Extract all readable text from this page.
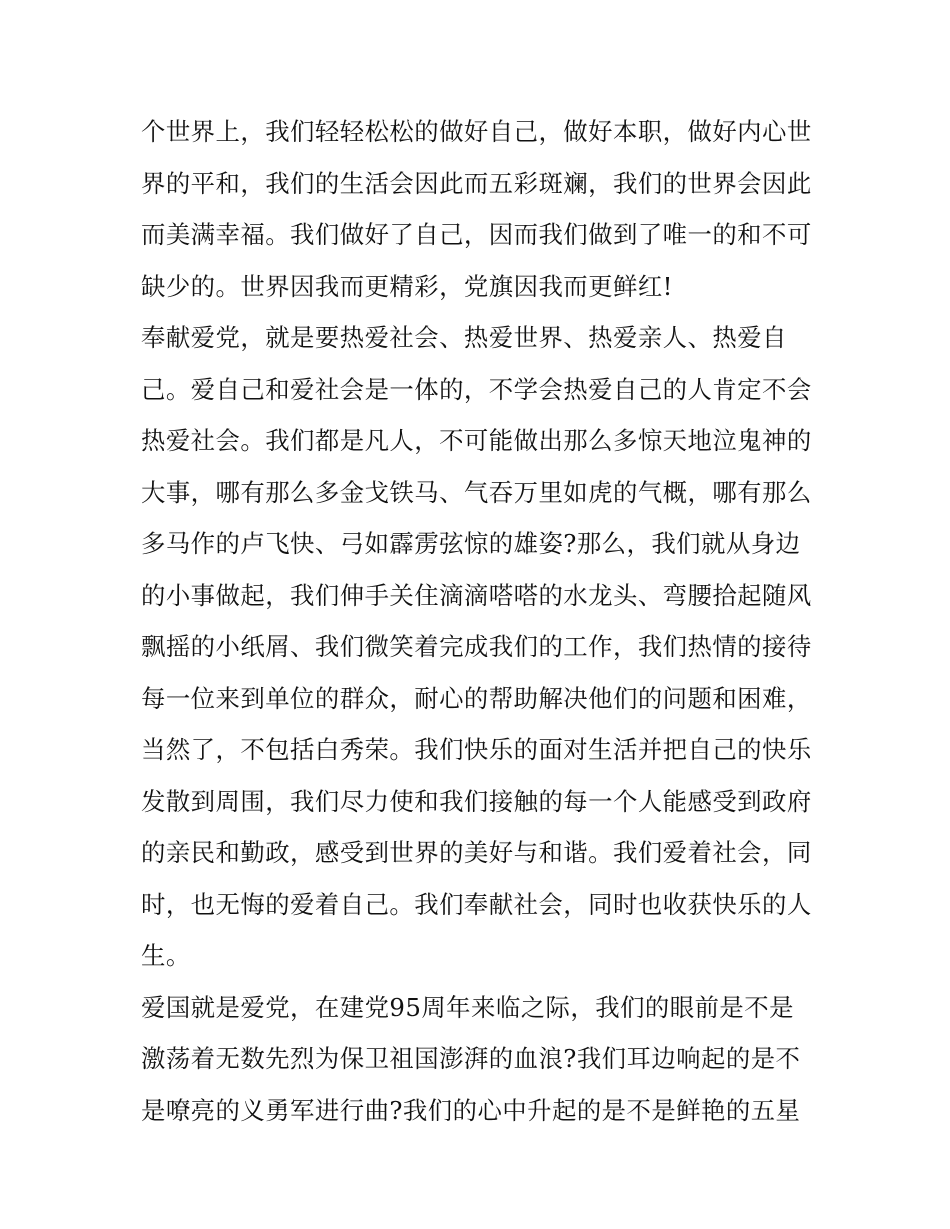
个世界上，我们轻轻松松的做好自己，做好本职，做好内心世
界的平和，我们的生活会因此而五彩斑斓，我们的世界会因此
而美满幸福。我们做好了自己，因而我们做到了唯一的和不可
缺少的。世界因我而更精彩，党旗因我而更鲜红!
奉献爱党，就是要热爱社会、热爱世界、热爱亲人、热爱自
己。爱自己和爱社会是一体的，不学会热爱自己的人肯定不会
热爱社会。我们都是凡人，不可能做出那么多惊天地泣鬼神的
大事，哪有那么多金戈铁马、气吞万里如虎的气概，哪有那么
多马作的卢飞快、弓如霹雳弦惊的雄姿?那么，我们就从身边
的小事做起，我们伸手关住滴滴嗒嗒的水龙头、弯腰拾起随风
飘摇的小纸屑、我们微笑着完成我们的工作，我们热情的接待
每一位来到单位的群众，耐心的帮助解决他们的问题和困难，
当然了，不包括白秀荣。我们快乐的面对生活并把自己的快乐
发散到周围，我们尽力使和我们接触的每一个人能感受到政府
的亲民和勤政，感受到世界的美好与和谐。我们爱着社会，同
时，也无悔的爱着自己。我们奉献社会，同时也收获快乐的人
生。
爱国就是爱党，在建党95周年来临之际，我们的眼前是不是
激荡着无数先烈为保卫祖国澎湃的血浪?我们耳边响起的是不
是嘹亮的义勇军进行曲?我们的心中升起的是不是鲜艳的五星
